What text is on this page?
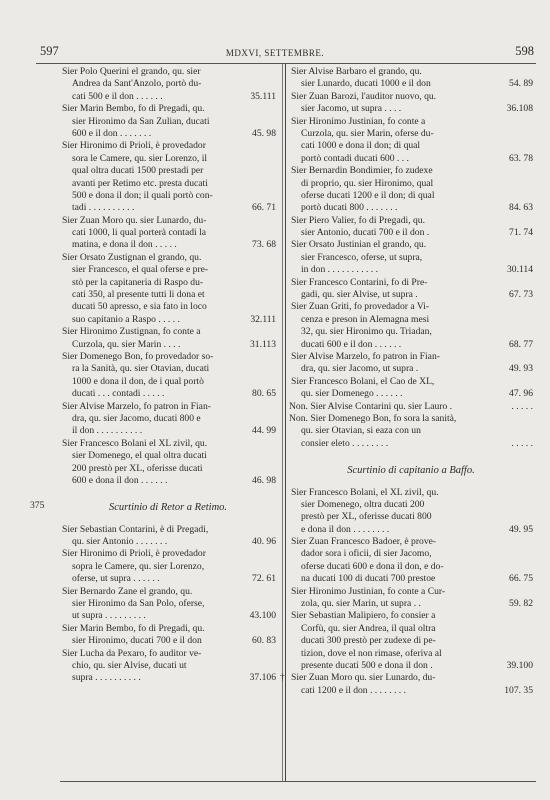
597	MDXVI, SETTEMBRE.	598
Sier Polo Querini el grando, qu. sier
Andrea da Sant'Anzolo, portò du-
cati 500 e il don . . . . . .	35.111
Sier Marin Bembo, fo di Pregadi, qu.
sier Hironimo da San Zulian, ducati
600 e il don . . . . . . .	45. 98
Sier Hironimo di Prioli, è provedador
sora le Camere, qu. sier Lorenzo, il
qual oltra ducati 1500 prestadi per
avanti per Retimo etc. presta ducati
500 e dona il don; il quali portò con-
tadi . . . . . . . . . .	66. 71
Sier Zuan Moro qu. sier Lunardo, du-
cati 1000, li qual porterà contadi la
matina, e dona il don . . . . .	73. 68
Sier Orsato Zustignan el grando, qu.
sier Francesco, el qual oferse e pre-
stò per la capitaneria di Raspo du-
cati 350, al presente tutti li dona et
ducati 50 apresso, e sia fato in loco
suo capitanio a Raspo . . . . .	32.111
Sier Hironimo Zustignan, fo conte a
Curzola, qu. sier Marin . . . .	31.113
Sier Domenego Bon, fo provedador so-
ra la Sanità, qu. sier Otavian, ducati
1000 e dona il don, de i qual portò
ducati . . . contadi . . . . .	80. 65
Sier Alvise Marzelo, fo patron in Fian-
dra, qu. sier Jacomo, ducati 800 e
il don . . . . . . . . . .	44. 99
Sier Francesco Bolani el XL zivil, qu.
sier Domenego, el qual oltra ducati
200 prestò per XL, oferisse ducati
600 e dona il don . . . . . .	46. 98
Scurtinio di Retor a Retimo.
Sier Sebastian Contarini, è di Pregadi,
qu. sier Antonio . . . . . . .	40. 96
Sier Hironimo di Prioli, è provedador
sopra le Camere, qu. sier Lorenzo,
oferse, ut supra . . . . . .	72. 61
Sier Bernardo Zane el grando, qu.
sier Hironimo da San Polo, oferse,
ut supra . . . . . . . . .	43.100
Sier Marin Bembo, fo di Pregadi, qu.
sier Hironimo, ducati 700 e il don	60. 83
Sier Lucha da Pexaro, fo auditor ve-
chio, qu. sier Alvise, ducati ut
supra . . . . . . . . . .	37.106
375
Sier Alvise Barbaro el grando, qu.
sier Lunardo, ducati 1000 e il don	54. 89
Sier Zuan Barozi, l'auditor nuovo, qu.
sier Jacomo, ut supra . . . .	36.108
Sier Hironimo Justinian, fo conte a
Curzola, qu. sier Marin, oferse du-
cati 1000 e dona il don; di qual
portò contadi ducati 600 . . .	63. 78
Sier Bernardin Bondimier, fo zudexe
di proprio, qu. sier Hironimo, qual
oferse ducati 1200 e il don; di qual
portò ducati 800 . . . . . . .	84. 63
Sier Piero Valier, fo di Pregadi, qu.
sier Antonio, ducati 700 e il don .	71. 74
Sier Orsato Justinian el grando, qu.
sier Francesco, oferse, ut supra,
in don . . . . . . . . . . .	30.114
Sier Francesco Contarini, fo di Pre-
gadi, qu. sier Alvise, ut supra .	67. 73
Sier Zuan Griti, fo provedador a Vi-
cenza e preson in Alemagna mesi
32, qu. sier Hironimo qu. Triadan,
ducati 600 e il don . . . . . .	68. 77
Sier Alvise Marzelo, fo patron in Fian-
dra, qu. sier Jacomo, ut supra .	49. 93
Sier Francesco Bolani, el Cao de XL,
qu. sier Domenego . . . . . .	47. 96
Non. Sier Alvise Contarini qu. sier Lauro .	. . . . .
Non. Sier Domenego Bon, fo sora la sanità,
qu. sier Otavian, si eaza con un
consier eleto . . . . . . . .	. . . . .
Scurtinio di capitanio a Baffo.
Sier Francesco Bolani, el XL zivil, qu.
sier Domenego, oltra ducati 200
prestò per XL, oferisse ducati 800
e dona il don . . . . . . . .	49. 95
Sier Zuan Francesco Badoer, è prove-
dador sora i oficii, di sier Jacomo,
oferse ducati 600 e dona il don, e do-
na ducati 100 di ducati 700 prestoe	66. 75
Sier Hironimo Justinian, fo conte a Cur-
zola, qu. sier Marin, ut supra . .	59. 82
Sier Sebastian Malipiero, fo consier a
Corfù, qu. sier Andrea, il qual oltra
ducati 300 prestò per zudexe di pe-
tizion, dove el non rimase, oferiva al
presente ducati 500 e dona il don .	39.100
† Sier Zuan Moro qu. sier Lunardo, du-
cati 1200 e il don . . . . . . . .	107. 35
